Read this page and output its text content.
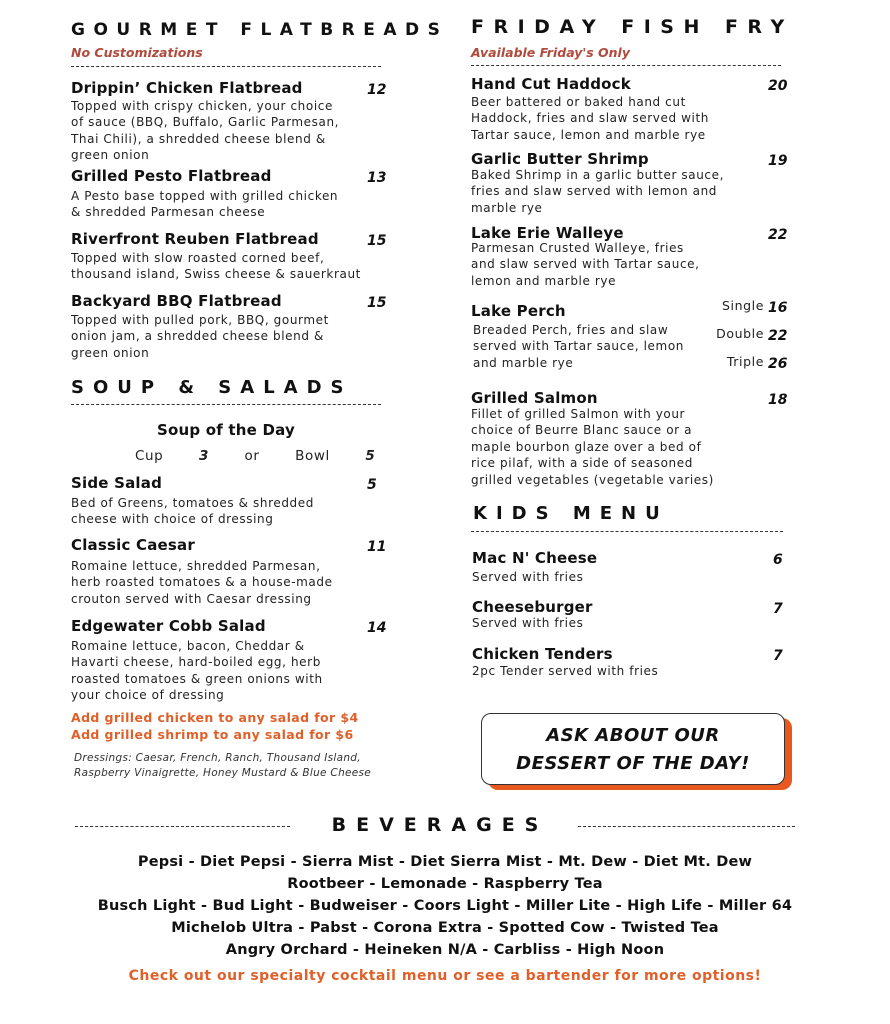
GOURMET FLATBREADS
No Customizations
Drippin’ Chicken Flatbread	12
Topped with crispy chicken, your choice
of sauce (BBQ, Buffalo, Garlic Parmesan,
Thai Chili), a shredded cheese blend &
green onion
Grilled Pesto Flatbread	13
A Pesto base topped with grilled chicken
& shredded Parmesan cheese
Riverfront Reuben Flatbread	15
Topped with slow roasted corned beef,
thousand island, Swiss cheese & sauerkraut
Backyard BBQ Flatbread	15
Topped with pulled pork, BBQ, gourmet
onion jam, a shredded cheese blend &
green onion
Side Salad	5
Bed of Greens, tomatoes & shredded
cheese with choice of dressing
Classic Caesar	11
Romaine lettuce, shredded Parmesan,
herb roasted tomatoes & a house-made
crouton served with Caesar dressing
Edgewater Cobb Salad	14
Romaine lettuce, bacon, Cheddar &
Havarti cheese, hard-boiled egg, herb
roasted tomatoes & green onions with
your choice of dressing
SOUP & SALADS
Soup of the Day
Cup	3	or	Bowl	5
Add grilled chicken to any salad for $4
Add grilled shrimp to any salad for $6
Dressings: Caesar, French, Ranch, Thousand Island,
Raspberry Vinaigrette, Honey Mustard & Blue Cheese
FRIDAY FISH FRY
Available Friday's Only
KIDS MENU
Hand Cut Haddock	20
Beer battered or baked hand cut
Haddock, fries and slaw served with
Tartar sauce, lemon and marble rye
Garlic Butter Shrimp	19
Baked Shrimp in a garlic butter sauce,
fries and slaw served with lemon and
marble rye
Lake Erie Walleye	22
Parmesan Crusted Walleye, fries
and slaw served with Tartar sauce,
lemon and marble rye
Lake Perch
Breaded Perch, fries and slaw
served with Tartar sauce, lemon
and marble rye
Single 16
Double 22
Triple 26
Grilled Salmon	18
Fillet of grilled Salmon with your
choice of Beurre Blanc sauce or a
maple bourbon glaze over a bed of
rice pilaf, with a side of seasoned
grilled vegetables (vegetable varies)
Mac N' Cheese	6
Served with fries
Cheeseburger	7
Served with fries
Chicken Tenders	7
2pc Tender served with fries
ASK ABOUT OUR
DESSERT OF THE DAY!
BEVERAGES
Pepsi - Diet Pepsi - Sierra Mist - Diet Sierra Mist - Mt. Dew - Diet Mt. Dew
Rootbeer - Lemonade - Raspberry Tea
Busch Light - Bud Light - Budweiser - Coors Light - Miller Lite - High Life - Miller 64
Michelob Ultra - Pabst - Corona Extra - Spotted Cow - Twisted Tea
Angry Orchard - Heineken N/A - Carbliss - High Noon
Check out our specialty cocktail menu or see a bartender for more options!
